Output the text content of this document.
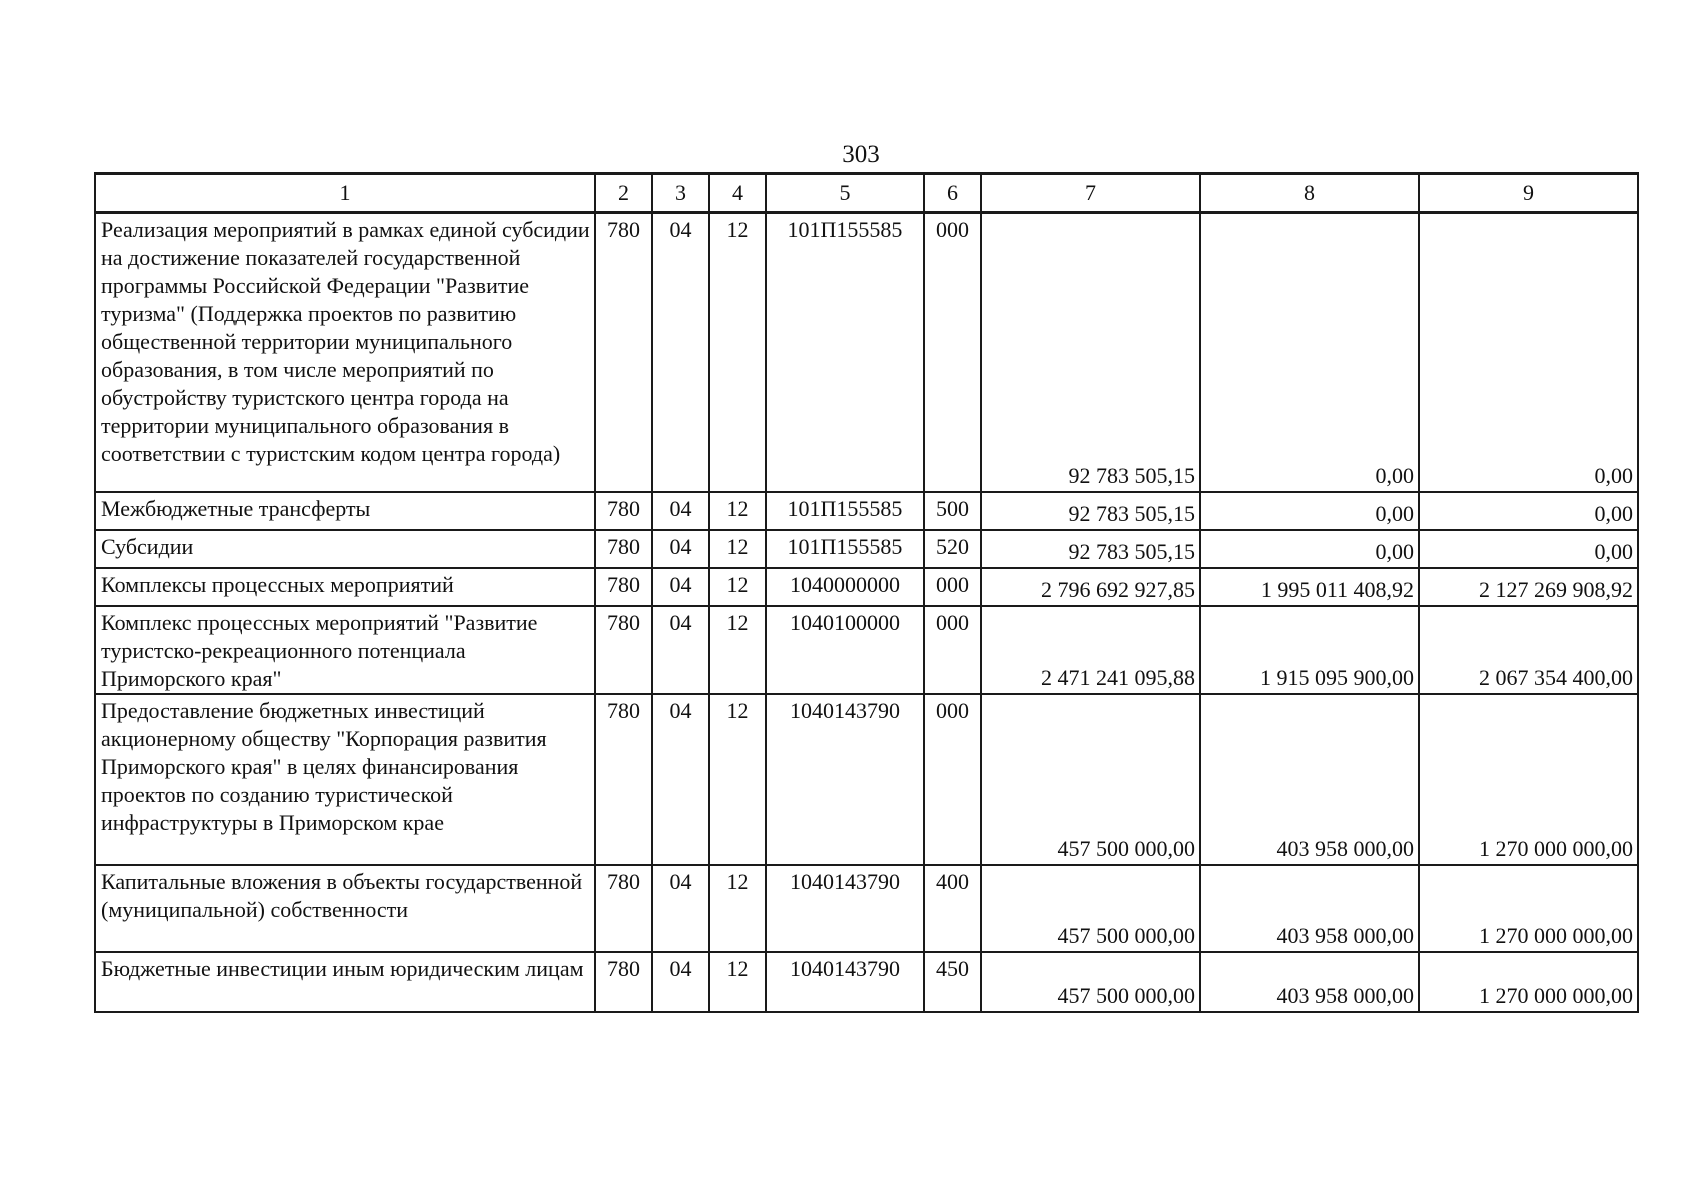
303
1	2	3	4	5	6	7	8	9
Реализация мероприятий в рамках единой субсидии на достижение показателей государственной программы Российской Федерации "Развитие туризма" (Поддержка проектов по развитию общественной территории муниципального образования, в том числе мероприятий по обустройству туристского центра города на территории муниципального образования в соответствии с туристским кодом центра города)	780	04	12	101П155585	000	92 783 505,15	0,00	0,00
Межбюджетные трансферты	780	04	12	101П155585	500	92 783 505,15	0,00	0,00
Субсидии	780	04	12	101П155585	520	92 783 505,15	0,00	0,00
Комплексы процессных мероприятий	780	04	12	1040000000	000	2 796 692 927,85	1 995 011 408,92	2 127 269 908,92
Комплекс процессных мероприятий "Развитие туристско-рекреационного потенциала Приморского края"	780	04	12	1040100000	000	2 471 241 095,88	1 915 095 900,00	2 067 354 400,00
Предоставление бюджетных инвестиций акционерному обществу "Корпорация развития Приморского края" в целях финансирования проектов по созданию туристической инфраструктуры в Приморском крае	780	04	12	1040143790	000	457 500 000,00	403 958 000,00	1 270 000 000,00
Капитальные вложения в объекты государственной (муниципальной) собственности	780	04	12	1040143790	400	457 500 000,00	403 958 000,00	1 270 000 000,00
Бюджетные инвестиции иным юридическим лицам	780	04	12	1040143790	450	457 500 000,00	403 958 000,00	1 270 000 000,00
